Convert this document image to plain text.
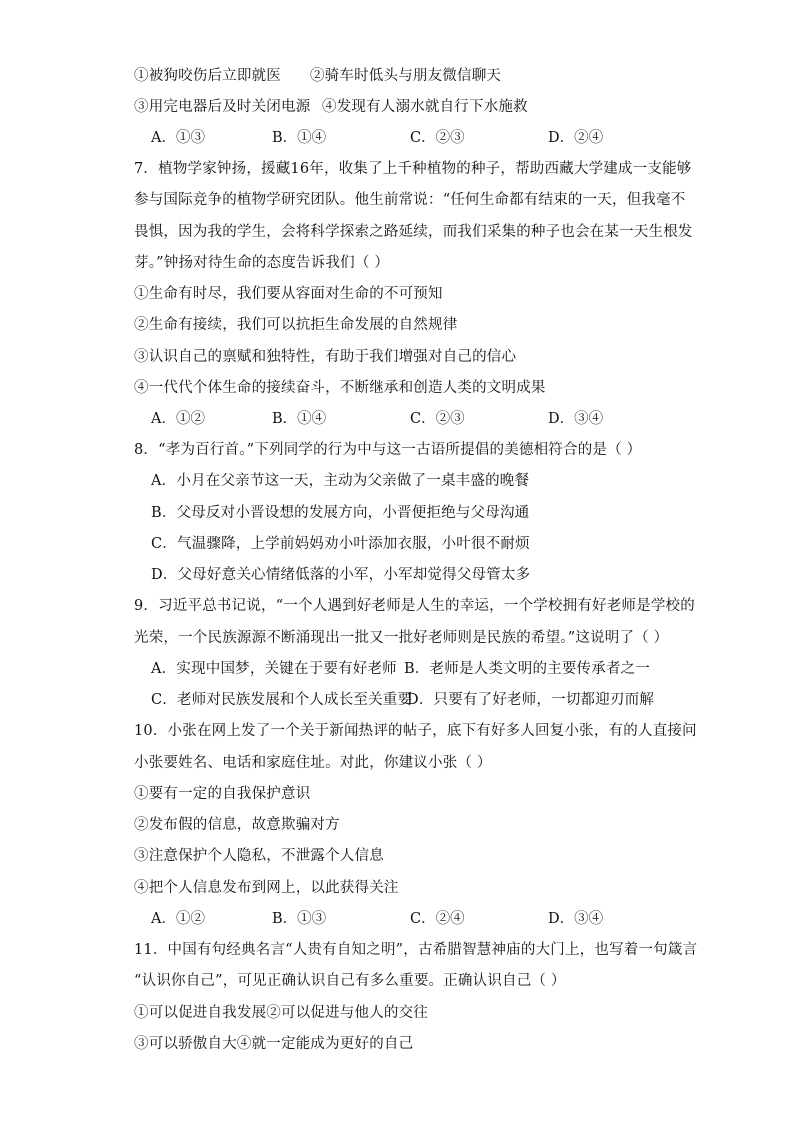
①被狗咬伤后立即就医 ②骑车时低头与朋友微信聊天
③用完电器后及时关闭电源 ④发现有人溺水就自行下水施救
A．①③	B．①④	C．②③	D．②④
7．植物学家钟扬，援藏16年，收集了上千种植物的种子，帮助西藏大学建成一支能够
参与国际竞争的植物学研究团队。他生前常说：“任何生命都有结束的一天，但我毫不
畏惧，因为我的学生，会将科学探索之路延续，而我们采集的种子也会在某一天生根发
芽。”钟扬对待生命的态度告诉我们（ ）
①生命有时尽，我们要从容面对生命的不可预知
②生命有接续，我们可以抗拒生命发展的自然规律
③认识自己的禀赋和独特性，有助于我们增强对自己的信心
④一代代个体生命的接续奋斗，不断继承和创造人类的文明成果
A．①②	B．①④	C．②③	D．③④
8．“孝为百行首。”下列同学的行为中与这一古语所提倡的美德相符合的是（ ）
A．小月在父亲节这一天，主动为父亲做了一桌丰盛的晚餐
B．父母反对小晋设想的发展方向，小晋便拒绝与父母沟通
C．气温骤降，上学前妈妈劝小叶添加衣服，小叶很不耐烦
D．父母好意关心情绪低落的小军，小军却觉得父母管太多
9．习近平总书记说，“一个人遇到好老师是人生的幸运，一个学校拥有好老师是学校的
光荣，一个民族源源不断涌现出一批又一批好老师则是民族的希望。”这说明了（ ）
A．实现中国梦，关键在于要有好老师 B．老师是人类文明的主要传承者之一
C．老师对民族发展和个人成长至关重要
D．只要有了好老师，一切都迎刃而解
10．小张在网上发了一个关于新闻热评的帖子，底下有好多人回复小张，有的人直接问
小张要姓名、电话和家庭住址。对此，你建议小张（ ）
①要有一定的自我保护意识
②发布假的信息，故意欺骗对方
③注意保护个人隐私，不泄露个人信息
④把个人信息发布到网上，以此获得关注
A．①②	B．①③	C．②④	D．③④
11．中国有句经典名言“人贵有自知之明”，古希腊智慧神庙的大门上，也写着一句箴言
“认识你自己”，可见正确认识自己有多么重要。正确认识自己（ ）
①可以促进自我发展②可以促进与他人的交往
③可以骄傲自大④就一定能成为更好的自己
